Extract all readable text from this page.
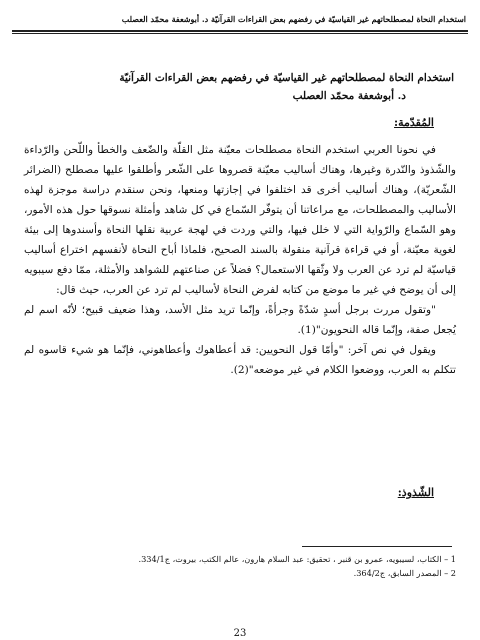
استخدام النحاة لمصطلحاتهم غير القياسيّة في رفضهم بعض القراءات القرآنيّة د. أبوشعفة محمّد العصلب
استخدام النحاة لمصطلحاتهم غير القياسيّة في رفضهم بعض القراءات القرآنيّة
د. أبوشعفة محمّد العصلب
المُقدّمة:

في نحونا العربي استخدم النحاة مصطلحات معيّنة مثل القلّة والضّعف والخطأ واللّحن والرّداءة والشّذوذ والنّدرة وغيرها، وهناك أساليب معيّنة قصروها على الشّعر وأطلقوا عليها مصطلح (الضرائر الشّعريّة)، وهناك أساليب أخرى قد اختلفوا في إجازتها ومنعها، ونحن سنقدم دراسة موجزة لهذه الأساليب والمصطلحات، مع مراعاتنا أن يتوفّر السّماع في كل شاهد وأمثلة نسوقها حول هذه الأمور، وهو السّماع والرّواية التي لا خلل فيها، والتي وردت في لهجة عربية نقلها النحاة وأسندوها إلى بيئة لغوية معيّنة، أو في قراءة قرآنية منقولة بالسند الصحيح، فلماذا أباح النحاة لأنفسهم اختراع أساليب قياسيّة لم ترد عن العرب ولا وثّقها الاستعمال؟ فضلاً عن صناعتهم للشواهد والأمثلة، ممّا دفع سيبويه إلى أن يوضح في غير ما موضع من كتابه لفرض النحاة لأساليب لم ترد عن العرب، حيث قال:

"وتقول مررت برجل أسدٍ شدّةً وجرأةً، وإنّما تريد مثل الأسد، وهذا ضعيف قبيح؛ لأنّه اسم لم يُجعل صفة، وإنّما قاله النحويون"(1).

ويقول في نص آخر: "وأمّا قول النحويين: قد أعطاهوك وأعطاهوني، فإنّما هو شيء قاسوه لم تتكلم به العرب، ووضعوا الكلام في غير موضعه"(2).

الشّذوذ:
1 – الكتاب، لسيبويه، عمرو بن قنبر ، تحقيق: عبد السلام هارون، عالم الكتب، بيروت، ج334/1.
2 – المصدر السابق، ج364/2.
23
